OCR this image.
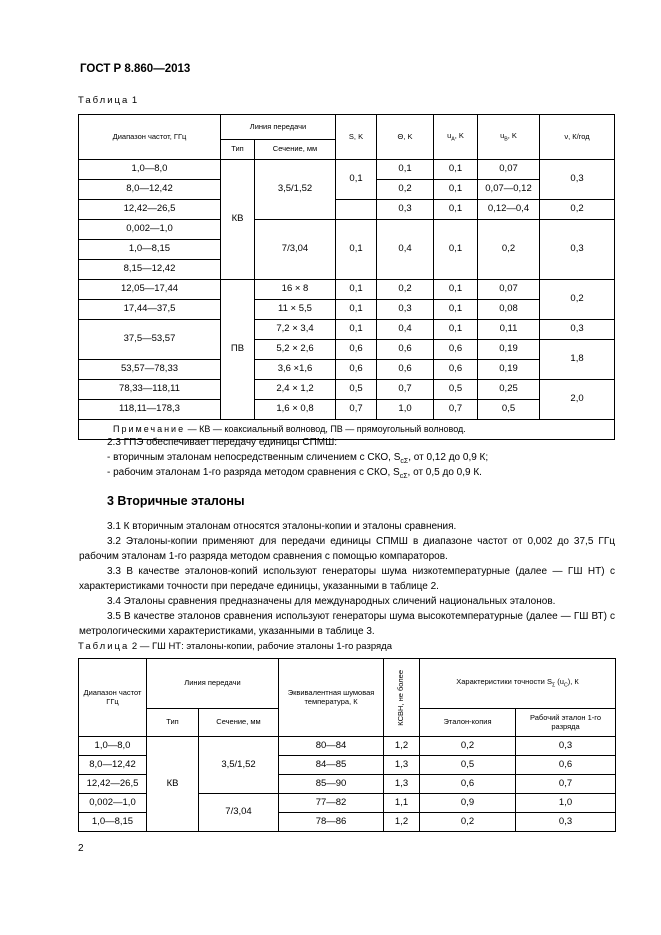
ГОСТ Р 8.860—2013
Таблица 1
Диапазон частот, ГГц	Линия передачи		S, K	Θ, K	$u_A$, K	$u_B$, K	ν, К/год
	Тип	Сечение, мм					
1,0—8,0	КВ	3,5/1,52	0,1	0,1	0,1	0,07	0,3
8,0—12,42				0,2	0,1	0,07—0,12	
12,42—26,5				0,3	0,1	0,12—0,4	0,2
0,002—1,0		7/3,04	0,1	0,4	0,1	0,2	0,3
1,0—8,15							
8,15—12,42							
12,05—17,44	ПВ	16 × 8	0,1	0,2	0,1	0,07	0,2
17,44—37,5		11 × 5,5	0,1	0,3	0,1	0,08	
37,5—53,57		7,2 × 3,4	0,1	0,4	0,1	0,11	0,3
		5,2 × 2,6	0,6	0,6	0,6	0,19	1,8
53,57—78,33		3,6 ×1,6	0,6	0,6	0,6	0,19	
78,33—118,11		2,4 × 1,2	0,5	0,7	0,5	0,25	2,0
118,11—178,3		1,6 × 0,8	0,7	1,0	0,7	0,5	
Примечание — КВ — коаксиальный волновод, ПВ — прямоугольный волновод.							
2.3 ГПЭ обеспечивает передачу единицы СПМШ:
- вторичным эталонам непосредственным сличением с СКО, $S_{c\Sigma}$, от 0,12 до 0,9 К;
- рабочим эталонам 1-го разряда методом сравнения с СКО, $S_{c\Sigma}$, от 0,5 до 0,9 К.
3 Вторичные эталоны
3.1 К вторичным эталонам относятся эталоны-копии и эталоны сравнения.
3.2 Эталоны-копии применяют для передачи единицы СПМШ в диапазоне частот от 0,002 до 37,5 ГГц рабочим эталонам 1-го разряда методом сравнения с помощью компараторов.
3.3 В качестве эталонов-копий используют генераторы шума низкотемпературные (далее — ГШ НТ) с характеристиками точности при передаче единицы, указанными в таблице 2.
3.4 Эталоны сравнения предназначены для международных сличений национальных эталонов.
3.5 В качестве эталонов сравнения используют генераторы шума высокотемпературные (далее — ГШ ВТ) с метрологическими характеристиками, указанными в таблице 3.
Таблица 2 — ГШ НТ: эталоны-копии, рабочие эталоны 1-го разряда
Диапазон частот ГГц	Линия передачи		Эквивалентная шумовая температура, К	КСВН, не более	Характеристики точности $S_\Sigma$ $(u_C)$, К	
	Тип	Сечение, мм			Эталон-копия	Рабочий эталон 1-го разряда
1,0—8,0	КВ	3,5/1,52	80—84	1,2	0,2	0,3
8,0—12,42			84—85	1,3	0,5	0,6
12,42—26,5			85—90	1,3	0,6	0,7
0,002—1,0		7/3,04	77—82	1,1	0,9	1,0
1,0—8,15			78—86	1,2	0,2	0,3
2
